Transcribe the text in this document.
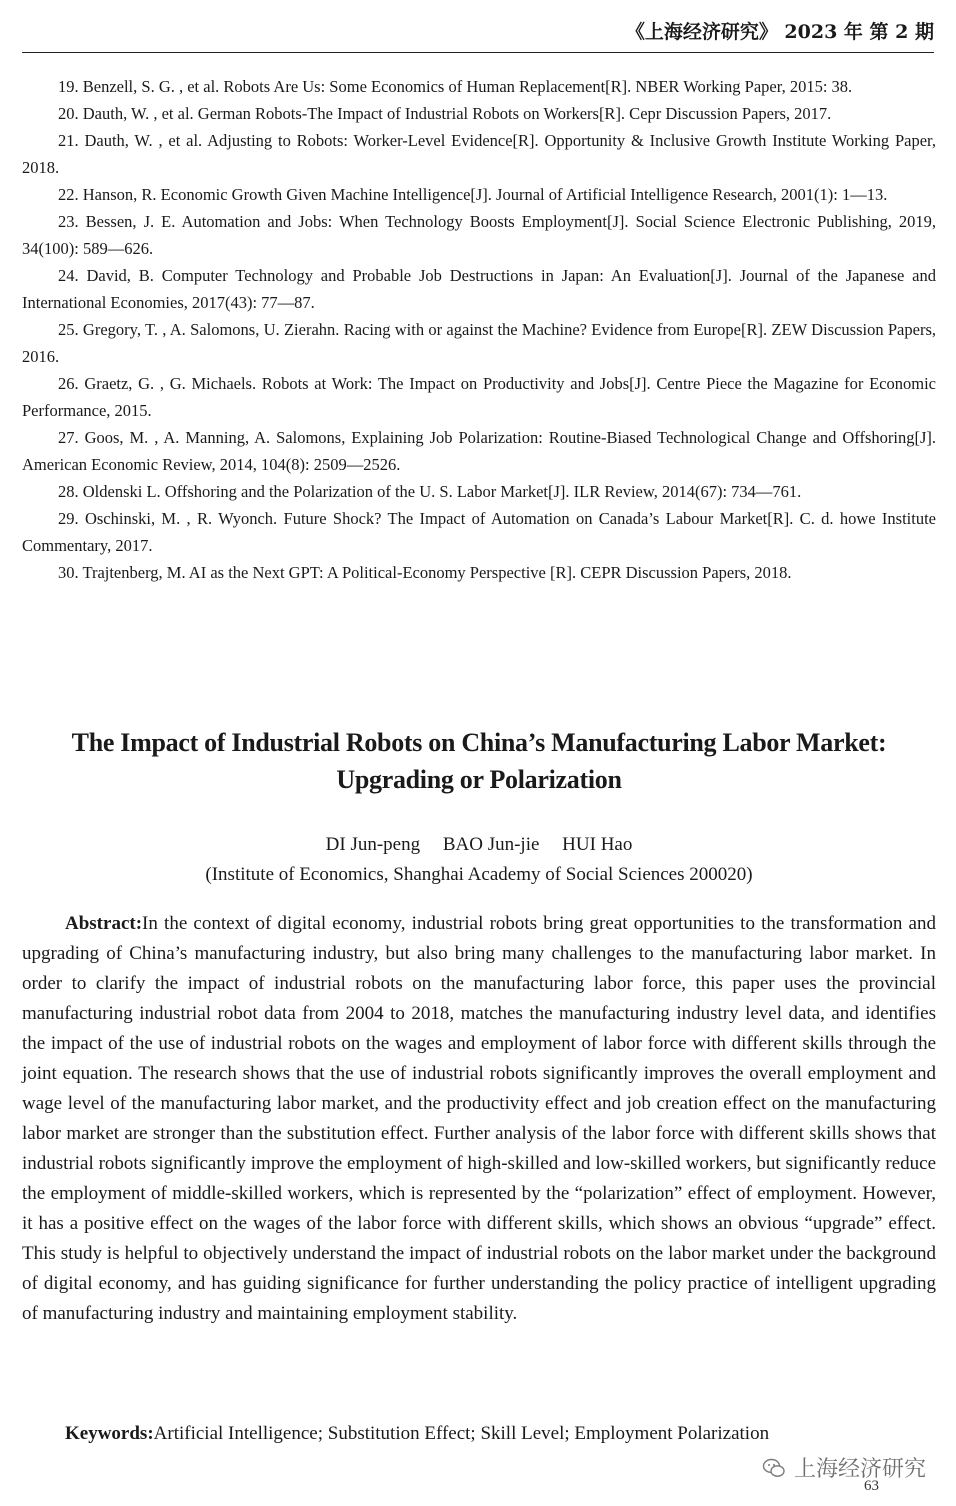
《上海经济研究》 2023 年 第 2 期

19. Benzell, S. G. , et al. Robots Are Us: Some Economics of Human Replacement[R]. NBER Working Paper, 2015: 38.

20. Dauth, W. , et al. German Robots-The Impact of Industrial Robots on Workers[R]. Cepr Discussion Papers, 2017.

21. Dauth, W. , et al. Adjusting to Robots: Worker-Level Evidence[R]. Opportunity & Inclusive Growth Institute Working Paper, 2018.

22. Hanson, R. Economic Growth Given Machine Intelligence[J]. Journal of Artificial Intelligence Research, 2001(1): 1—13.

23. Bessen, J. E. Automation and Jobs: When Technology Boosts Employment[J]. Social Science Electronic Publishing, 2019, 34(100): 589—626.

24. David, B. Computer Technology and Probable Job Destructions in Japan: An Evaluation[J]. Journal of the Japanese and International Economies, 2017(43): 77—87.

25. Gregory, T. , A. Salomons, U. Zierahn. Racing with or against the Machine? Evidence from Europe[R]. ZEW Discussion Papers, 2016.

26. Graetz, G. , G. Michaels. Robots at Work: The Impact on Productivity and Jobs[J]. Centre Piece the Magazine for Economic Performance, 2015.

27. Goos, M. , A. Manning, A. Salomons, Explaining Job Polarization: Routine-Biased Technological Change and Offshoring[J]. American Economic Review, 2014, 104(8): 2509—2526.

28. Oldenski L. Offshoring and the Polarization of the U. S. Labor Market[J]. ILR Review, 2014(67): 734—761.

29. Oschinski, M. , R. Wyonch. Future Shock? The Impact of Automation on Canada’s Labour Market[R]. C. d. howe Institute Commentary, 2017.

30. Trajtenberg, M. AI as the Next GPT: A Political-Economy Perspective [R]. CEPR Discussion Papers, 2018.

The Impact of Industrial Robots on China’s Manufacturing Labor Market:
Upgrading or Polarization
DI Jun-peng BAO Jun-jie HUI Hao
(Institute of Economics, Shanghai Academy of Social Sciences 200020)

Abstract:In the context of digital economy, industrial robots bring great opportunities to the transformation and upgrading of China’s manufacturing industry, but also bring many challenges to the manufacturing labor market. In order to clarify the impact of industrial robots on the manufacturing labor force, this paper uses the provincial manufacturing industrial robot data from 2004 to 2018, matches the manufacturing industry level data, and identifies the impact of the use of industrial robots on the wages and employment of labor force with different skills through the joint equation. The research shows that the use of industrial robots significantly improves the overall employment and wage level of the manufacturing labor market, and the productivity effect and job creation effect on the manufacturing labor market are stronger than the substitution effect. Further analysis of the labor force with different skills shows that industrial robots significantly improve the employment of high-skilled and low-skilled workers, but significantly reduce the employment of middle-skilled workers, which is represented by the “polarization” effect of employment. However, it has a positive effect on the wages of the labor force with different skills, which shows an obvious “upgrade” effect. This study is helpful to objectively understand the impact of industrial robots on the labor market under the background of digital economy, and has guiding significance for further understanding the policy practice of intelligent upgrading of manufacturing industry and maintaining employment stability.

Keywords:Artificial Intelligence; Substitution Effect; Skill Level; Employment Polarization

上海经济研究
63
